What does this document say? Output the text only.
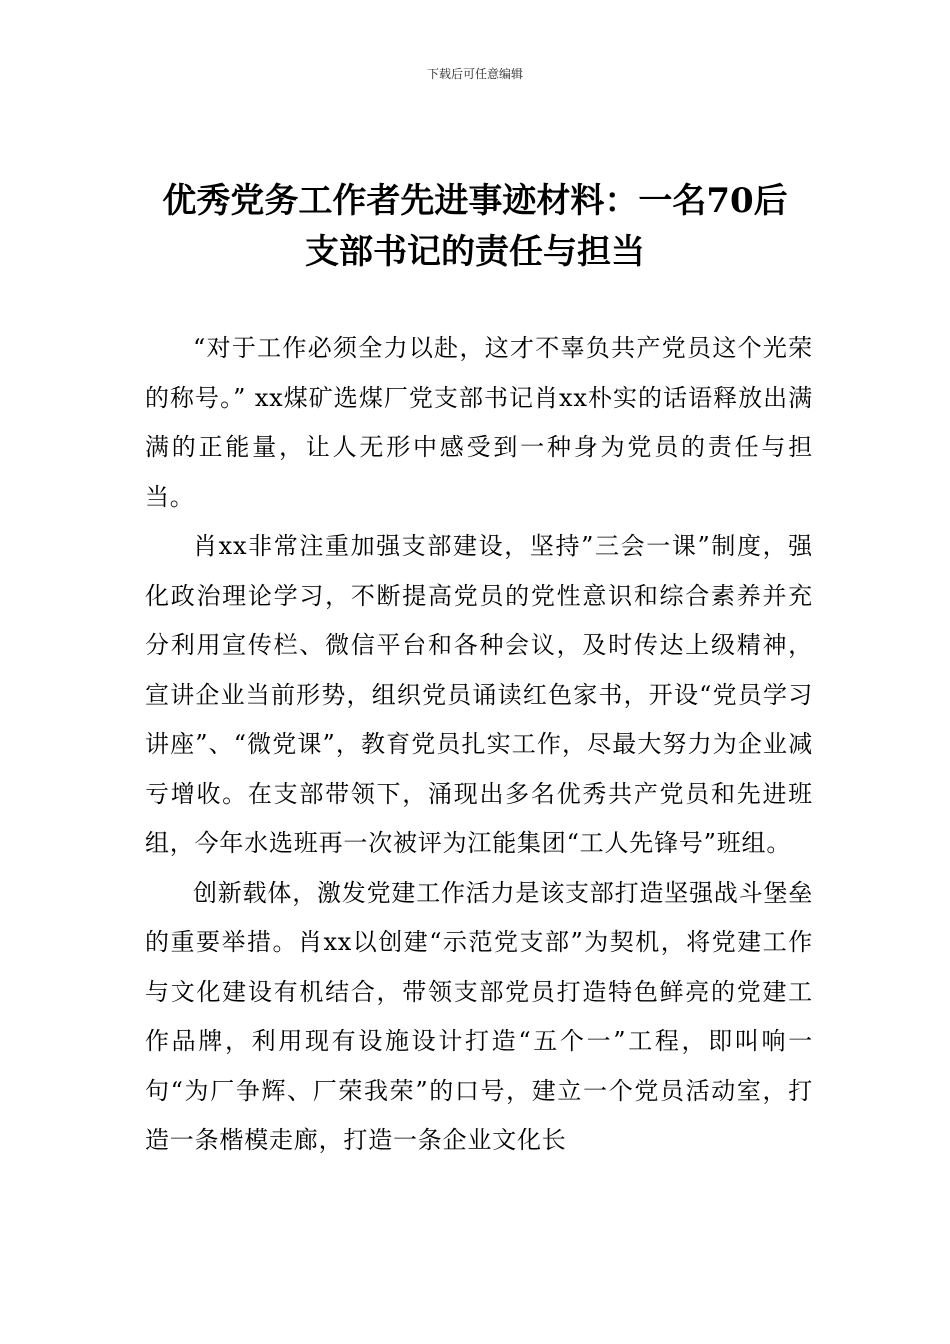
下载后可任意编辑
优秀党务工作者先进事迹材料：一名70后
支部书记的责任与担当

“对于工作必须全力以赴，这才不辜负共产党员这个光荣的称号。” xx煤矿选煤厂党支部书记肖xx朴实的话语释放出满满的正能量，让人无形中感受到一种身为党员的责任与担当。

肖xx非常注重加强支部建设，坚持”三会一课”制度，强化政治理论学习，不断提高党员的党性意识和综合素养并充分利用宣传栏、微信平台和各种会议，及时传达上级精神，宣讲企业当前形势，组织党员诵读红色家书，开设“党员学习讲座”、“微党课”，教育党员扎实工作，尽最大努力为企业减亏增收。在支部带领下，涌现出多名优秀共产党员和先进班组，今年水选班再一次被评为江能集团“工人先锋号”班组。

创新载体，激发党建工作活力是该支部打造坚强战斗堡垒的重要举措。肖xx以创建“示范党支部”为契机，将党建工作与文化建设有机结合，带领支部党员打造特色鲜亮的党建工作品牌，利用现有设施设计打造“五个一”工程，即叫响一句“为厂争辉、厂荣我荣”的口号，建立一个党员活动室，打造一条楷模走廊，打造一条企业文化长
